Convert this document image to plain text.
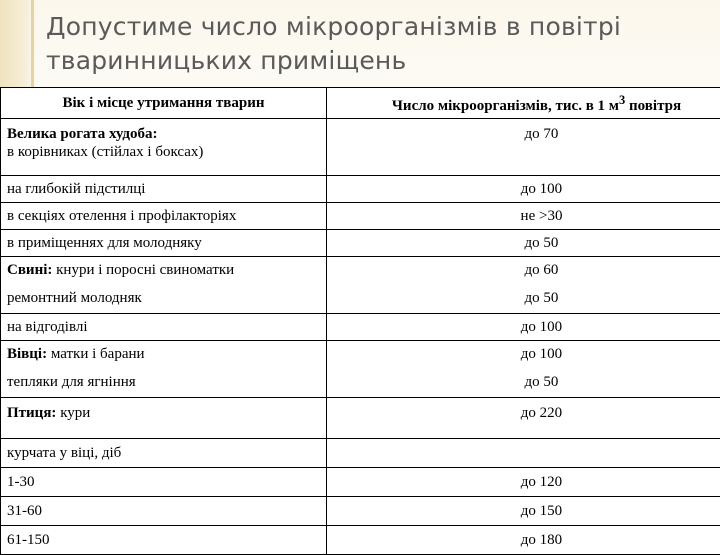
Допустиме число мікроорганізмів в повітрі
тваринницьких приміщень
Вік і місце утримання тварин	Число мікроорганізмів, тис. в 1 $м^3$ повітря

Велика рогата худоба:
в корівниках (стійлах і боксах)	до 70
на глибокій підстилці	до 100
в секціях отелення і профілакторіях	не >30
в приміщеннях для молодняку	до 50
Свині: кнури і поросні свиноматки	до 60
ремонтний молодняк	до 50
на відгодівлі	до 100
Вівці: матки і барани	до 100
тепляки для ягніння	до 50
Птиця: кури	до 220
курчата у віці, діб	
1-30	до 120
31-60	до 150
61-150	до 180
